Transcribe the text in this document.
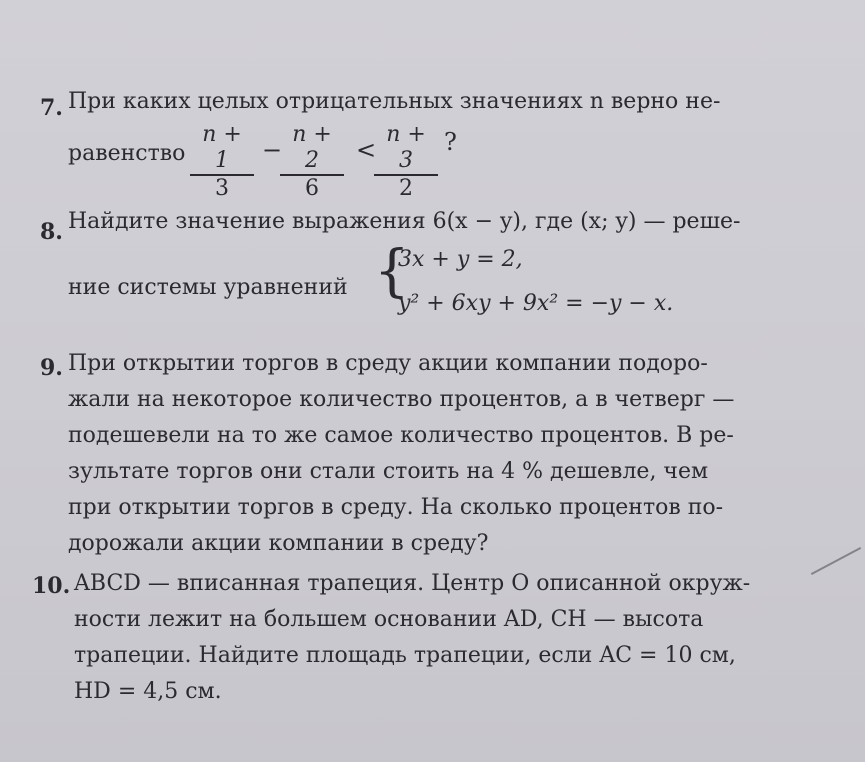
7. При каких целых отрицательных значениях n верно не-
равенство $\frac{n + 1}{3}$ −
$\frac{n + 2}{6}$ <
$\frac{n + 3}{2}$ ?
8. Найдите значение выражения 6(x − y), где (x; y) — реше-
ние системы уравнений {
3x + y = 2,
y² + 6xy + 9x² = −y − x.
9. При открытии торгов в среду акции компании подоро-
жали на некоторое количество процентов, а в четверг —
подешевели на то же самое количество процентов. В ре-
зультате торгов они стали стоить на 4 % дешевле, чем
при открытии торгов в среду. На сколько процентов по-
дорожали акции компании в среду?
10. ABCD — вписанная трапеция. Центр O описанной окруж-
ности лежит на большем основании AD, CH — высота
трапеции. Найдите площадь трапеции, если AC = 10 см,
HD = 4,5 см.
